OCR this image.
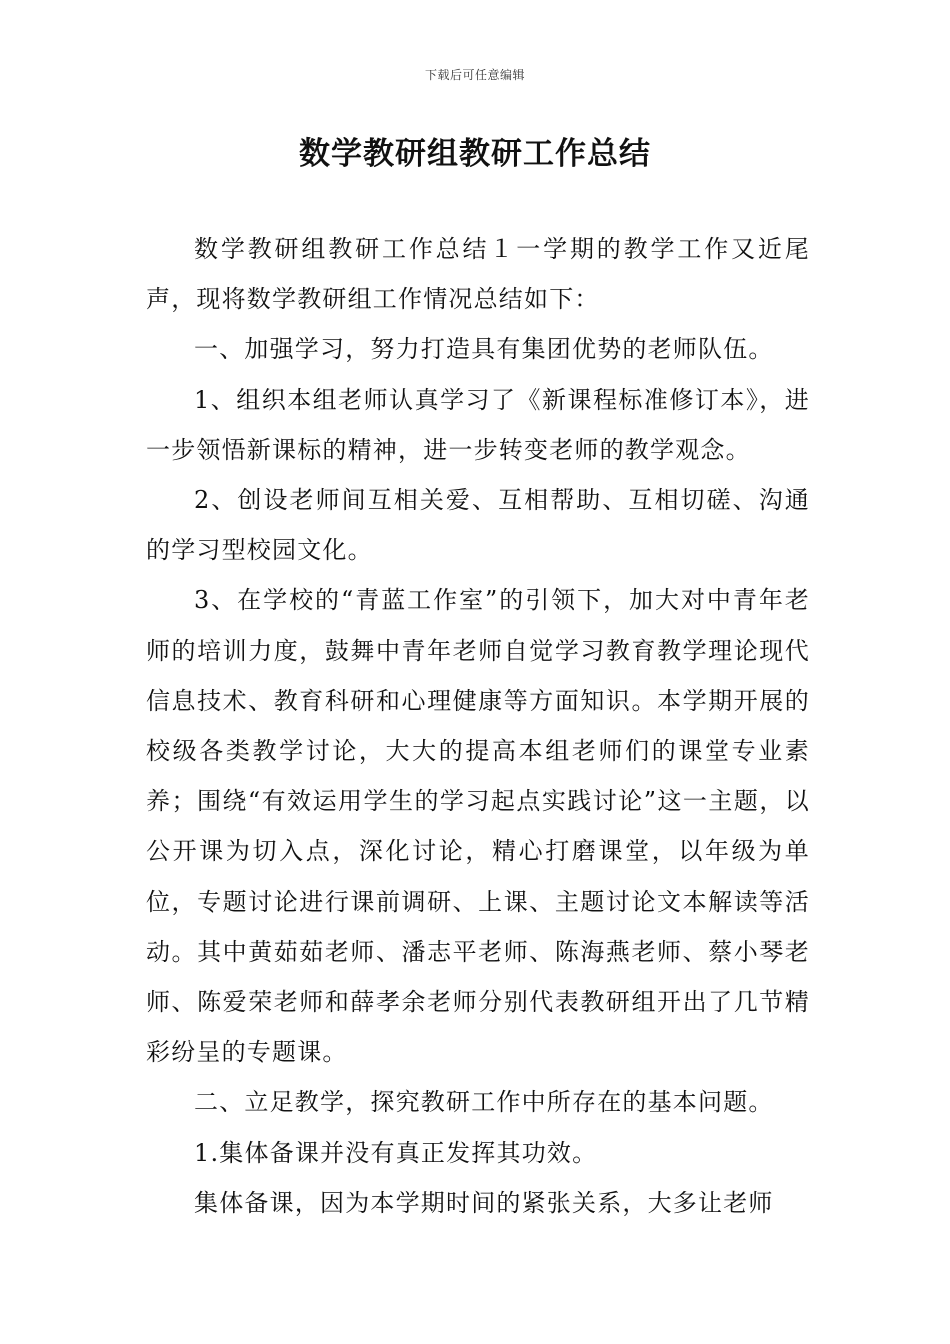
下载后可任意编辑
数学教研组教研工作总结

数学教研组教研工作总结１一学期的教学工作又近尾声，现将数学教研组工作情况总结如下：

一、加强学习，努力打造具有集团优势的老师队伍。

1、组织本组老师认真学习了《新课程标准修订本》，进一步领悟新课标的精神，进一步转变老师的教学观念。

2、创设老师间互相关爱、互相帮助、互相切磋、沟通的学习型校园文化。

3、在学校的“青蓝工作室”的引领下，加大对中青年老师的培训力度，鼓舞中青年老师自觉学习教育教学理论现代信息技术、教育科研和心理健康等方面知识。本学期开展的校级各类教学讨论，大大的提高本组老师们的课堂专业素养；围绕“有效运用学生的学习起点实践讨论”这一主题，以公开课为切入点，深化讨论，精心打磨课堂，以年级为单位，专题讨论进行课前调研、上课、主题讨论文本解读等活动。其中黄茹茹老师、潘志平老师、陈海燕老师、蔡小琴老师、陈爱荣老师和薛孝余老师分别代表教研组开出了几节精彩纷呈的专题课。

二、立足教学，探究教研工作中所存在的基本问题。

1.集体备课并没有真正发挥其功效。

集体备课，因为本学期时间的紧张关系，大多让老师
